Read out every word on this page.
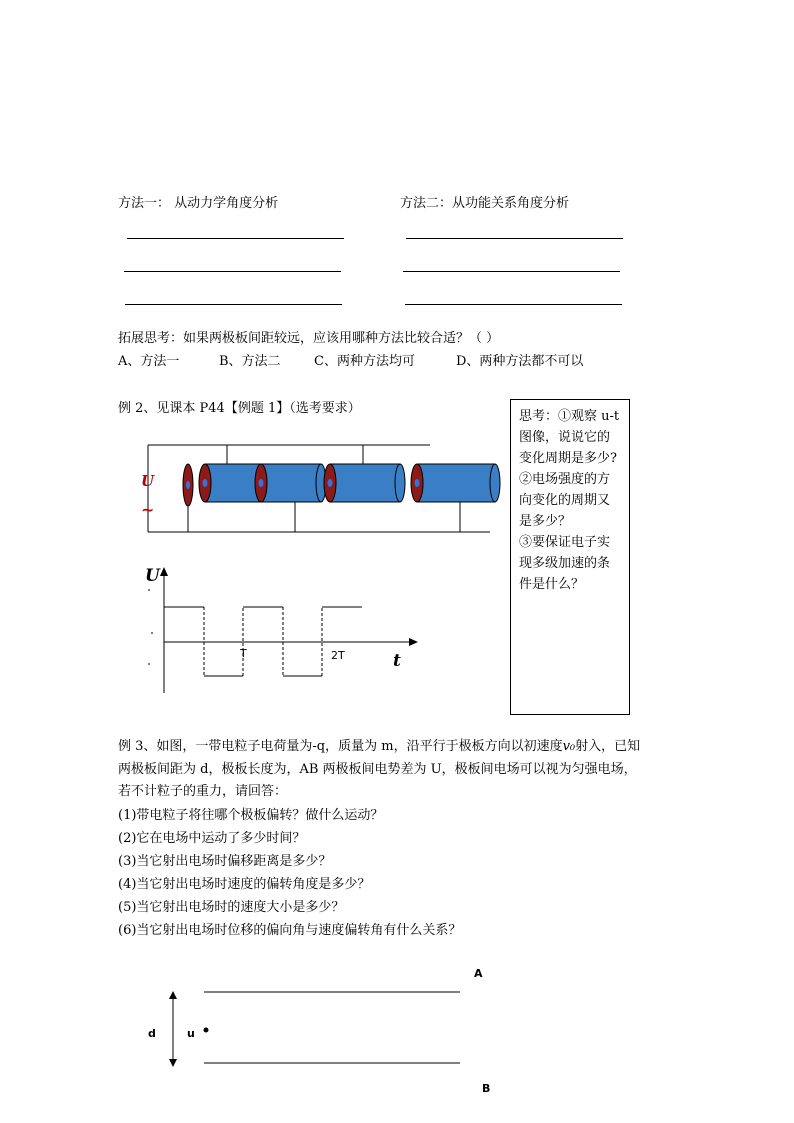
方法一： 从动力学角度分析	方法二：从功能关系角度分析
拓展思考：如果两极板间距较远，应该用哪种方法比较合适？（ ）
A、方法一	B、方法二	C、两种方法均可	D、两种方法都不可以
例 2、见课本 P44【例题 1】（选考要求）
思考：①观察 u-t 图像，说说它的变化周期是多少?
②电场强度的方向变化的周期又是多少？
③要保证电子实现多级加速的条件是什么？
U
~
U
t
T	2T
例 3、如图，一带电粒子电荷量为-q，质量为 m，沿平行于极板方向以初速度v₀射入，已知
两极板间距为 d，极板长度为，AB 两极板间电势差为 U，极板间电场可以视为匀强电场，
若不计粒子的重力，请回答：
(1)带电粒子将往哪个极板偏转？做什么运动？
(2)它在电场中运动了多少时间？
(3)当它射出电场时偏移距离是多少？
(4)当它射出电场时速度的偏转角度是多少？
(5)当它射出电场时的速度大小是多少？
(6)当它射出电场时位移的偏向角与速度偏转角有什么关系？
A
B
d	u
